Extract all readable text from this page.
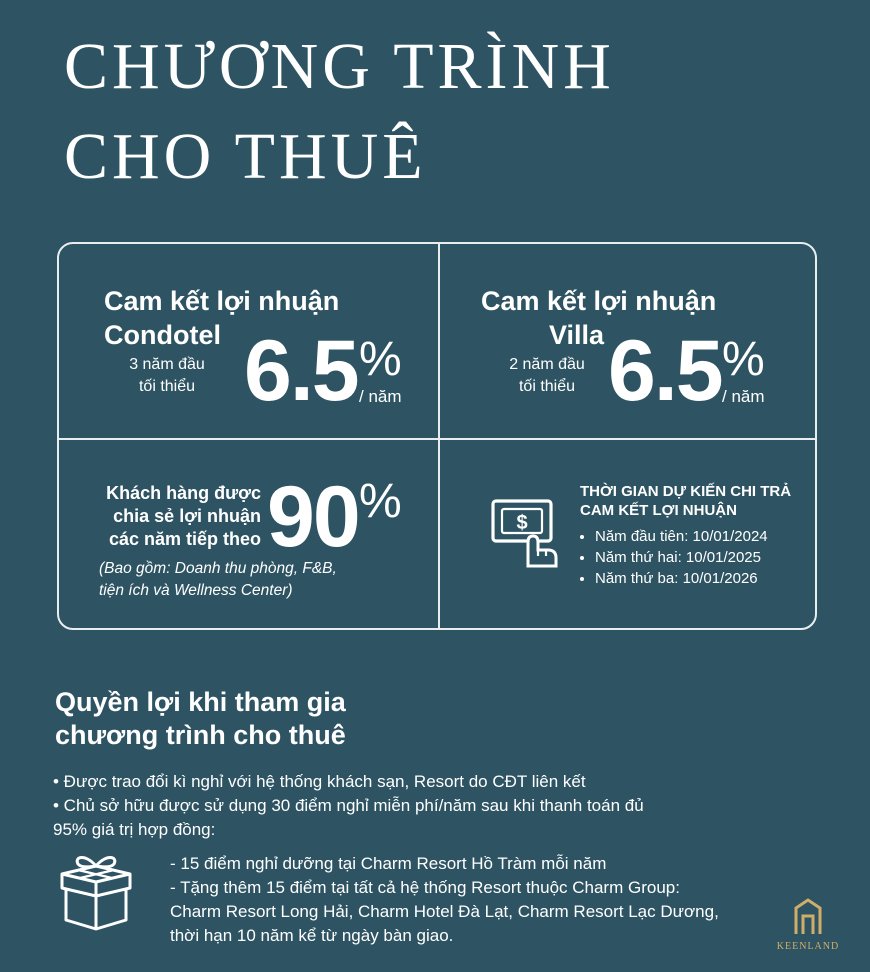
CHƯƠNG TRÌNH
CHO THUÊ
Cam kết lợi nhuận
Condotel
3 năm đầu
tối thiểu 6.5 %
/ năm
Cam kết lợi nhuận
Villa
2 năm đầu
tối thiểu 6.5 %
/ năm
Khách hàng được
chia sẻ lợi nhuận
các năm tiếp theo 90 %
(Bao gồm: Doanh thu phòng, F&B,
tiện ích và Wellness Center)
$
THỜI GIAN DỰ KIẾN CHI TRẢ
CAM KẾT LỢI NHUẬN
• Năm đầu tiên: 10/01/2024
• Năm thứ hai: 10/01/2025
• Năm thứ ba: 10/01/2026
Quyền lợi khi tham gia
chương trình cho thuê

• Được trao đổi kì nghỉ với hệ thống khách sạn, Resort do CĐT liên kết

• Chủ sở hữu được sử dụng 30 điểm nghỉ miễn phí/năm sau khi thanh toán đủ

95% giá trị hợp đồng:

- 15 điểm nghỉ dưỡng tại Charm Resort Hồ Tràm mỗi năm

- Tặng thêm 15 điểm tại tất cả hệ thống Resort thuộc Charm Group:

Charm Resort Long Hải, Charm Hotel Đà Lạt, Charm Resort Lạc Dương,

thời hạn 10 năm kể từ ngày bàn giao.

KEENLAND
